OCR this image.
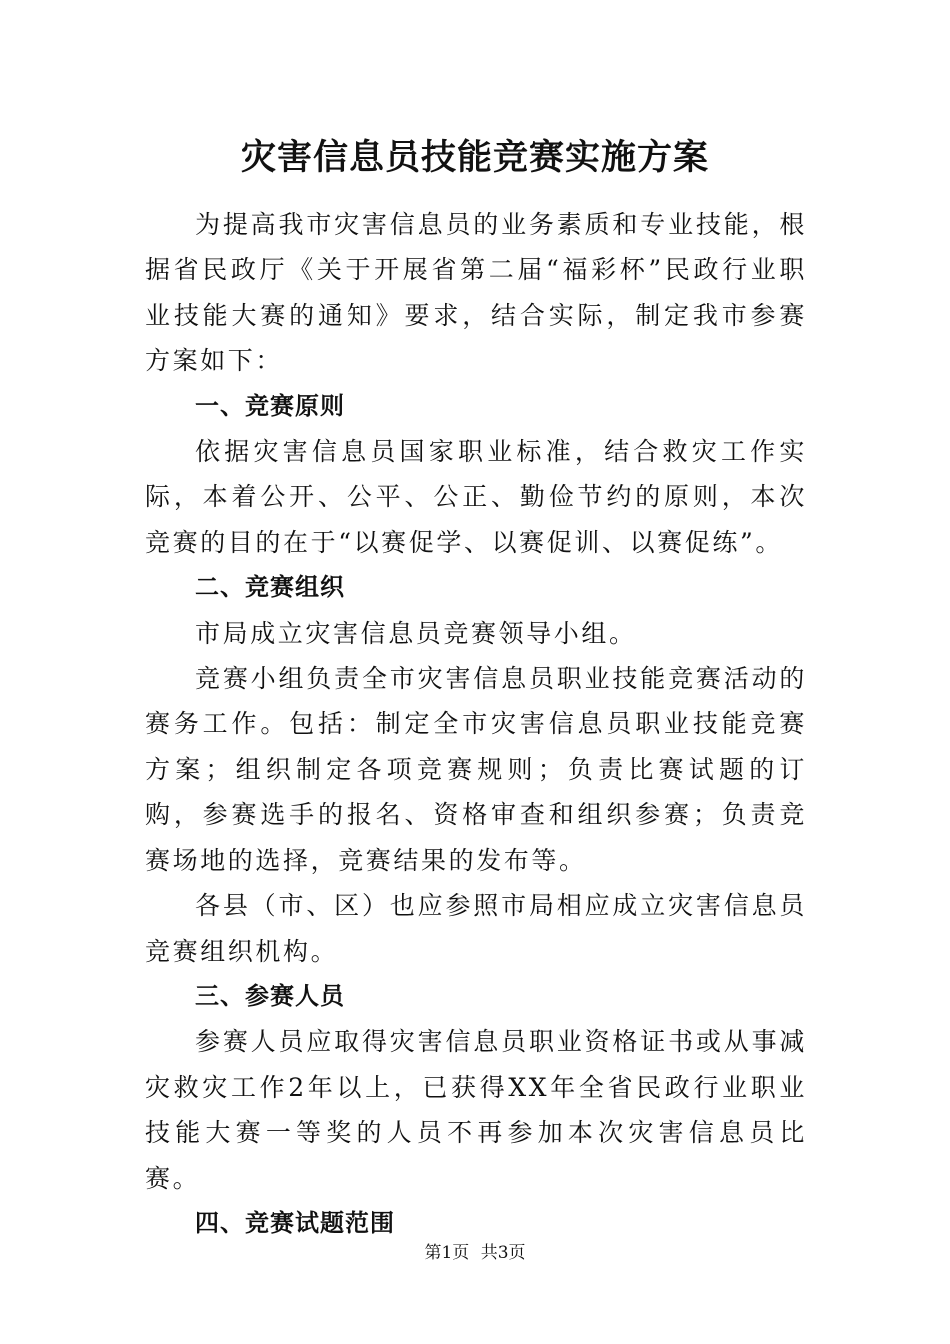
灾害信息员技能竞赛实施方案

为提高我市灾害信息员的业务素质和专业技能，根据省民政厅《关于开展省第二届“福彩杯”民政行业职业技能大赛的通知》要求，结合实际，制定我市参赛方案如下：

一、竞赛原则

依据灾害信息员国家职业标准，结合救灾工作实际，本着公开、公平、公正、勤俭节约的原则，本次竞赛的目的在于“以赛促学、以赛促训、以赛促练”。

二、竞赛组织

市局成立灾害信息员竞赛领导小组。

竞赛小组负责全市灾害信息员职业技能竞赛活动的赛务工作。包括：制定全市灾害信息员职业技能竞赛方案；组织制定各项竞赛规则；负责比赛试题的订购，参赛选手的报名、资格审查和组织参赛；负责竞赛场地的选择，竞赛结果的发布等。

各县（市、区）也应参照市局相应成立灾害信息员竞赛组织机构。

三、参赛人员

参赛人员应取得灾害信息员职业资格证书或从事减灾救灾工作2年以上，已获得XX年全省民政行业职业技能大赛一等奖的人员不再参加本次灾害信息员比赛。

四、竞赛试题范围

第1页 共3页
